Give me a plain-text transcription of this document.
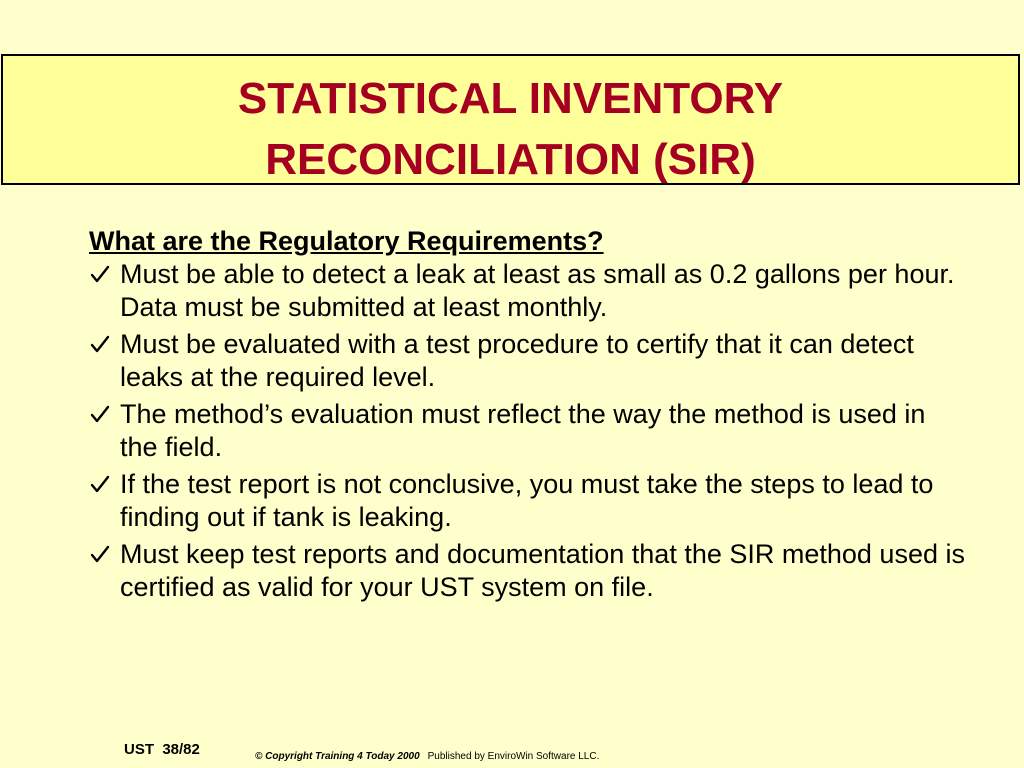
STATISTICAL INVENTORY
RECONCILIATION (SIR)
What are the Regulatory Requirements?
Must be able to detect a leak at least as small as 0.2 gallons per hour. Data must be submitted at least monthly.
Must be evaluated with a test procedure to certify that it can detect leaks at the required level.
The method’s evaluation must reflect the way the method is used in the field.
If the test report is not conclusive, you must take the steps to lead to finding out if tank is leaking.
Must keep test reports and documentation that the SIR method used is certified as valid for your UST system on file.
UST  38/82	© Copyright Training 4 Today 2000 Published by EnviroWin Software LLC.
